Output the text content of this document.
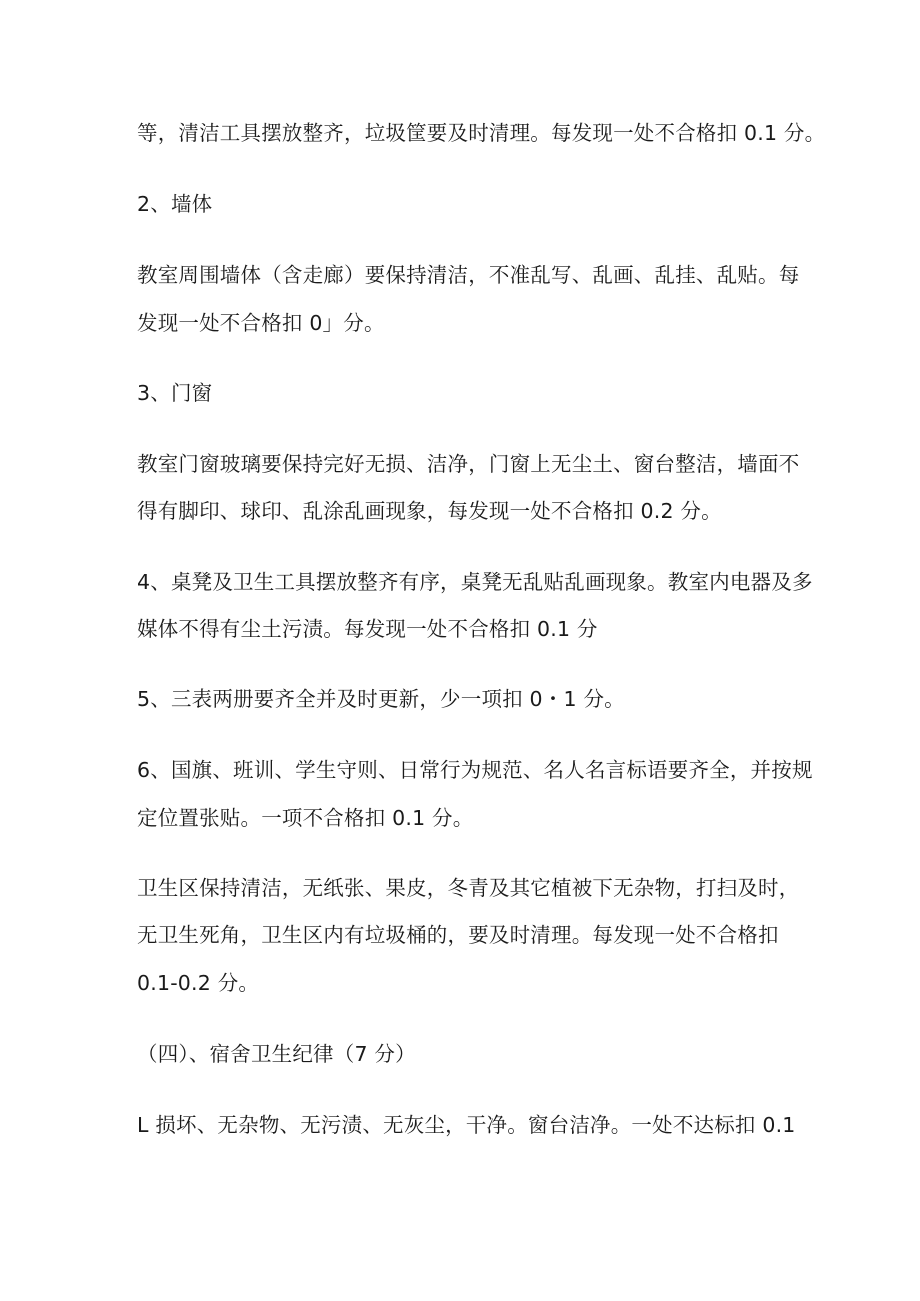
等，清洁工具摆放整齐，垃圾筐要及时清理。每发现一处不合格扣 0.1 分。
2、墙体
教室周围墙体（含走廊）要保持清洁，不准乱写、乱画、乱挂、乱贴。每
发现一处不合格扣 0」分。
3、门窗
教室门窗玻璃要保持完好无损、洁净，门窗上无尘土、窗台整洁，墙面不
得有脚印、球印、乱涂乱画现象，每发现一处不合格扣 0.2 分。
4、桌凳及卫生工具摆放整齐有序，桌凳无乱贴乱画现象。教室内电器及多
媒体不得有尘土污渍。每发现一处不合格扣 0.1 分
5、三表两册要齐全并及时更新，少一项扣 0・1 分。
6、国旗、班训、学生守则、日常行为规范、名人名言标语要齐全，并按规
定位置张贴。一项不合格扣 0.1 分。
卫生区保持清洁，无纸张、果皮，冬青及其它植被下无杂物，打扫及时，
无卫生死角，卫生区内有垃圾桶的，要及时清理。每发现一处不合格扣
0.1-0.2 分。
（四）、宿舍卫生纪律（7 分）
L 损坏、无杂物、无污渍、无灰尘，干净。窗台洁净。一处不达标扣 0.1
